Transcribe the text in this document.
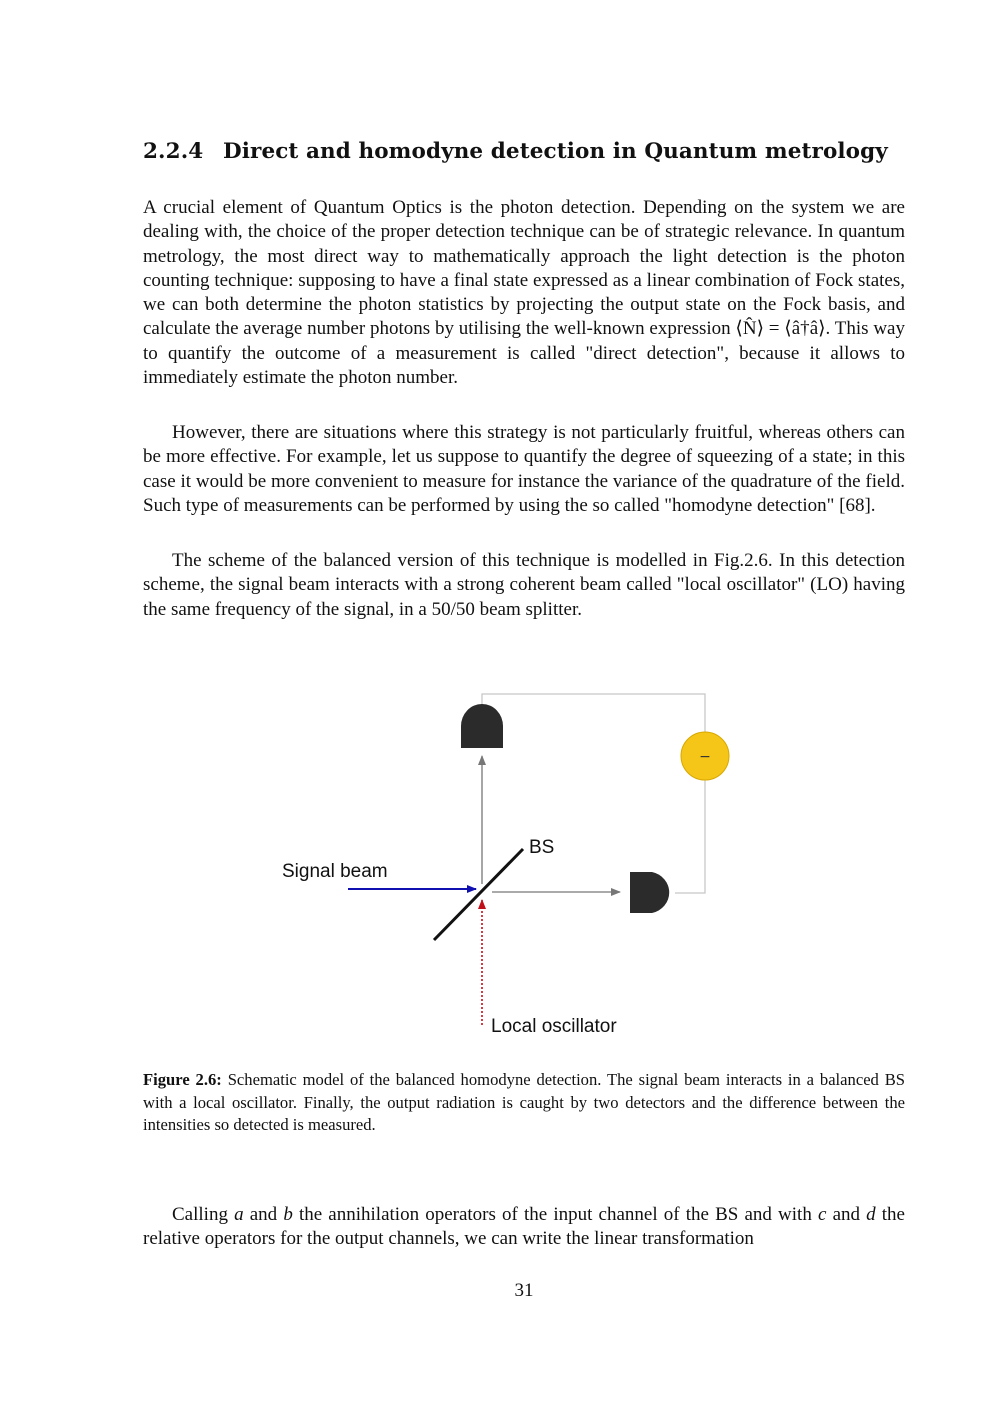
2.2.4 Direct and homodyne detection in Quantum metrology

A crucial element of Quantum Optics is the photon detection. Depending on the system we are dealing with, the choice of the proper detection technique can be of strategic relevance. In quantum metrology, the most direct way to mathematically approach the light detection is the photon counting technique: supposing to have a final state expressed as a linear combination of Fock states, we can both determine the photon statistics by projecting the output state on the Fock basis, and calculate the average number photons by utilising the well-known expression ⟨N̂⟩ = ⟨â†â⟩. This way to quantify the outcome of a measurement is called "direct detection", because it allows to immediately estimate the photon number.

However, there are situations where this strategy is not particularly fruitful, whereas others can be more effective. For example, let us suppose to quantify the degree of squeezing of a state; in this case it would be more convenient to measure for instance the variance of the quadrature of the field. Such type of measurements can be performed by using the so called "homodyne detection" [68].

The scheme of the balanced version of this technique is modelled in Fig.2.6. In this detection scheme, the signal beam interacts with a strong coherent beam called "local oscillator" (LO) having the same frequency of the signal, in a 50/50 beam splitter.

Figure 2.6: Schematic model of the balanced homodyne detection. The signal beam interacts in a balanced BS with a local oscillator. Finally, the output radiation is caught by two detectors and the difference between the intensities so detected is measured.

Calling a and b the annihilation operators of the input channel of the BS and with c and d the relative operators for the output channels, we can write the linear transformation

31
−
Signal beam
BS
Local oscillator
